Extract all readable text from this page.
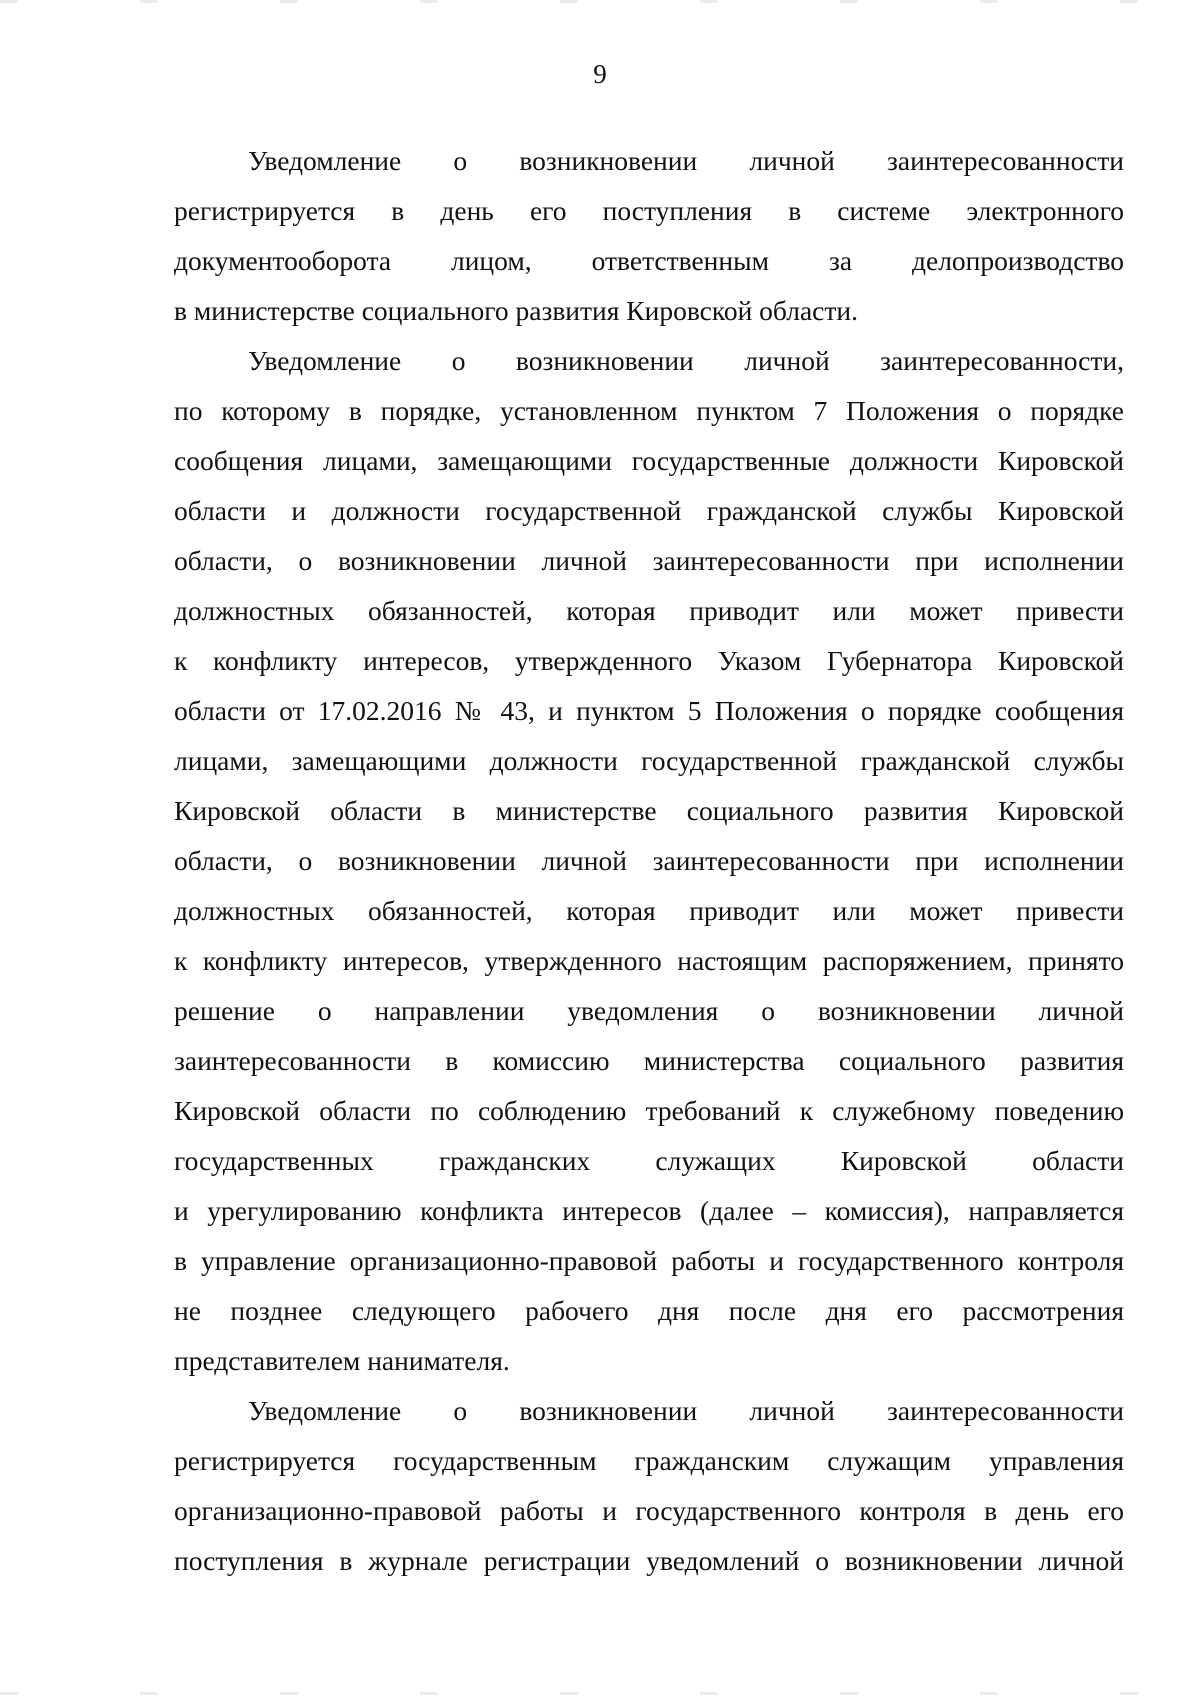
9

Уведомление о возникновении личной заинтересованности
регистрируется в день его поступления в системе электронного
документооборота лицом, ответственным за делопроизводство
в министерстве социального развития Кировской области.

Уведомление о возникновении личной заинтересованности,
по которому в порядке, установленном пунктом 7 Положения о порядке
сообщения лицами, замещающими государственные должности Кировской
области и должности государственной гражданской службы Кировской
области, о возникновении личной заинтересованности при исполнении
должностных обязанностей, которая приводит или может привести
к конфликту интересов, утвержденного Указом Губернатора Кировской
области от 17.02.2016 № 43, и пунктом 5 Положения о порядке сообщения
лицами, замещающими должности государственной гражданской службы
Кировской области в министерстве социального развития Кировской
области, о возникновении личной заинтересованности при исполнении
должностных обязанностей, которая приводит или может привести
к конфликту интересов, утвержденного настоящим распоряжением, принято
решение о направлении уведомления о возникновении личной
заинтересованности в комиссию министерства социального развития
Кировской области по соблюдению требований к служебному поведению
государственных гражданских служащих Кировской области
и урегулированию конфликта интересов (далее – комиссия), направляется
в управление организационно-правовой работы и государственного контроля
не позднее следующего рабочего дня после дня его рассмотрения
представителем нанимателя.

Уведомление о возникновении личной заинтересованности
регистрируется государственным гражданским служащим управления
организационно-правовой работы и государственного контроля в день его
поступления в журнале регистрации уведомлений о возникновении личной
